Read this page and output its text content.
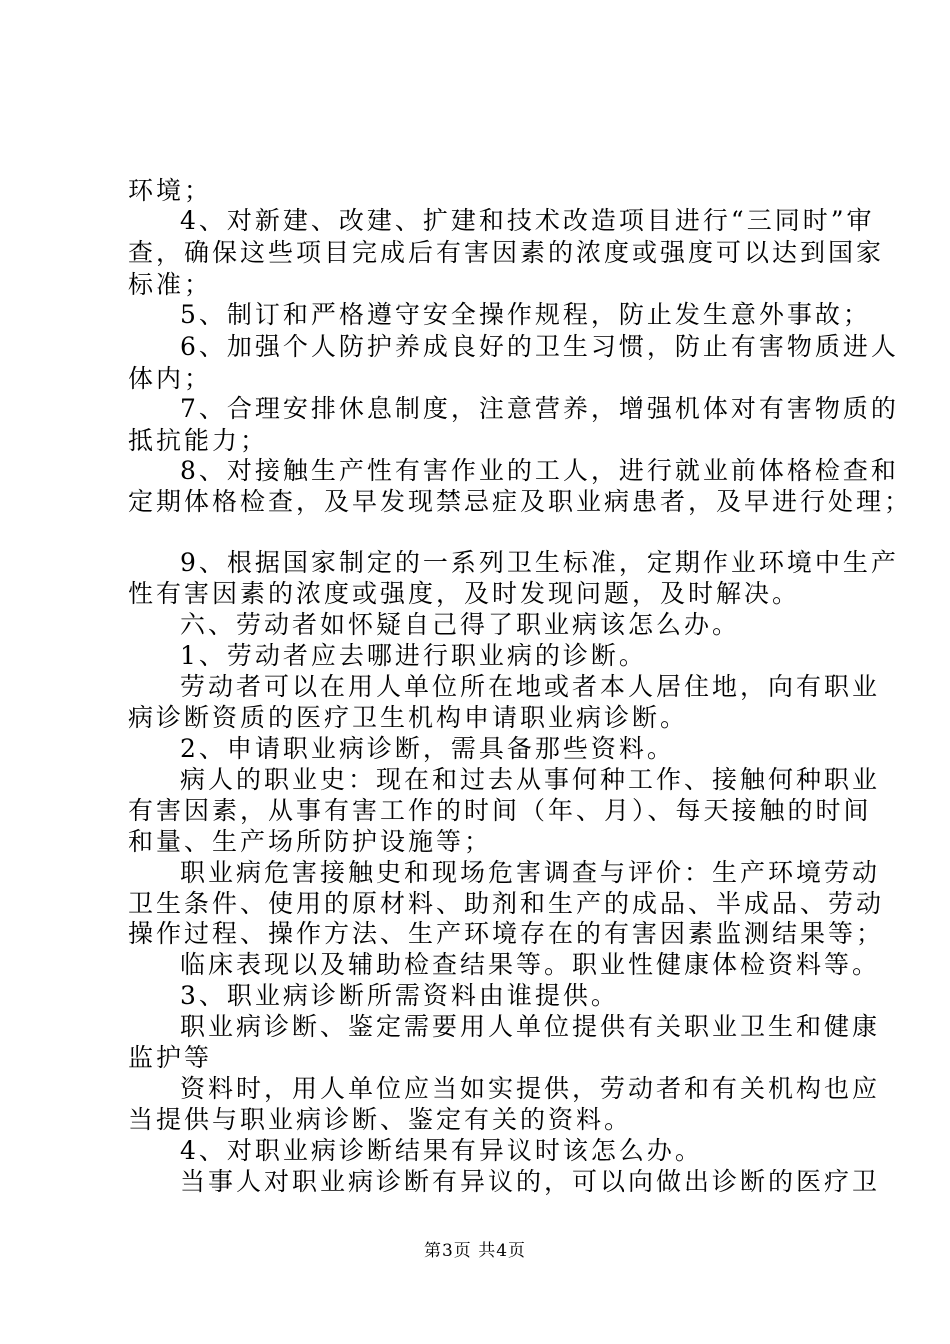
环境；
4、对新建、改建、扩建和技术改造项目进行“三同时”审
查，确保这些项目完成后有害因素的浓度或强度可以达到国家
标准；
5、制订和严格遵守安全操作规程，防止发生意外事故；
6、加强个人防护养成良好的卫生习惯，防止有害物质进人
体内；
7、合理安排休息制度，注意营养，增强机体对有害物质的
抵抗能力；
8、对接触生产性有害作业的工人，进行就业前体格检查和
定期体格检查，及早发现禁忌症及职业病患者，及早进行处理；
9、根据国家制定的一系列卫生标准，定期作业环境中生产
性有害因素的浓度或强度，及时发现问题，及时解决。
六、劳动者如怀疑自己得了职业病该怎么办。
1、劳动者应去哪进行职业病的诊断。
劳动者可以在用人单位所在地或者本人居住地，向有职业
病诊断资质的医疗卫生机构申请职业病诊断。
2、申请职业病诊断，需具备那些资料。
病人的职业史：现在和过去从事何种工作、接触何种职业
有害因素，从事有害工作的时间（年、月）、每天接触的时间
和量、生产场所防护设施等；
职业病危害接触史和现场危害调查与评价：生产环境劳动
卫生条件、使用的原材料、助剂和生产的成品、半成品、劳动
操作过程、操作方法、生产环境存在的有害因素监测结果等；
临床表现以及辅助检查结果等。职业性健康体检资料等。
3、职业病诊断所需资料由谁提供。
职业病诊断、鉴定需要用人单位提供有关职业卫生和健康
监护等
资料时，用人单位应当如实提供，劳动者和有关机构也应
当提供与职业病诊断、鉴定有关的资料。
4、对职业病诊断结果有异议时该怎么办。
当事人对职业病诊断有异议的，可以向做出诊断的医疗卫
第3页 共4页
